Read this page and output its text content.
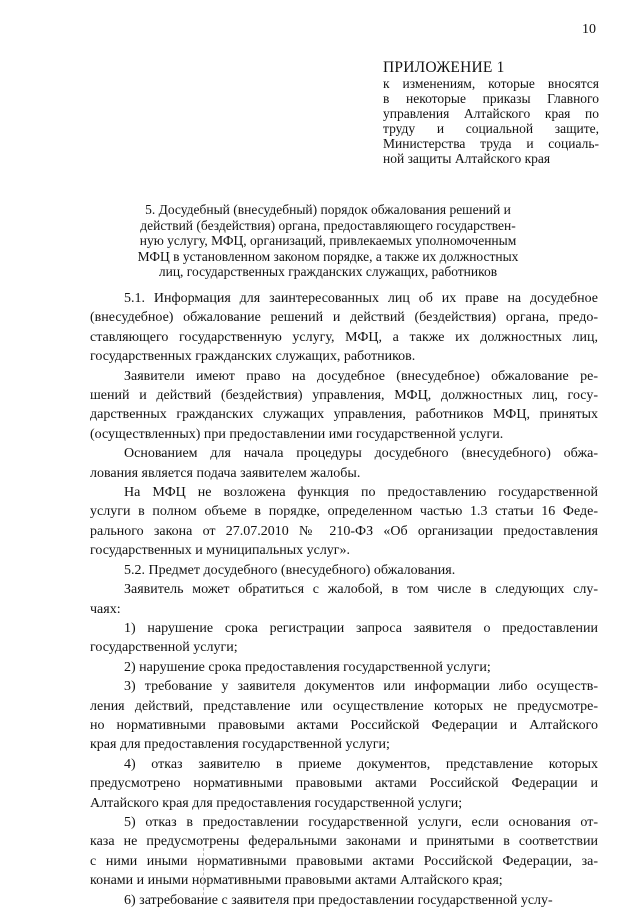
10
ПРИЛОЖЕНИЕ 1
к изменениям, которые вносятся
в некоторые приказы Главного
управления Алтайского края по
труду и социальной защите,
Министерства труда и социаль-
ной защиты Алтайского края
5. Досудебный (внесудебный) порядок обжалования решений и
действий (бездействия) органа, предоставляющего государствен-
ную услугу, МФЦ, организаций, привлекаемых уполномоченным
МФЦ в установленном законом порядке, а также их должностных
лиц, государственных гражданских служащих, работников
5.1. Информация для заинтересованных лиц об их праве на досудебное
(внесудебное) обжалование решений и действий (бездействия) органа, предо-
ставляющего государственную услугу, МФЦ, а также их должностных лиц,
государственных гражданских служащих, работников.
Заявители имеют право на досудебное (внесудебное) обжалование ре-
шений и действий (бездействия) управления, МФЦ, должностных лиц, госу-
дарственных гражданских служащих управления, работников МФЦ, принятых
(осуществленных) при предоставлении ими государственной услуги.
Основанием для начала процедуры досудебного (внесудебного) обжа-
лования является подача заявителем жалобы.
На МФЦ не возложена функция по предоставлению государственной
услуги в полном объеме в порядке, определенном частью 1.3 статьи 16 Феде-
рального закона от 27.07.2010 № 210-ФЗ «Об организации предоставления
государственных и муниципальных услуг».
5.2. Предмет досудебного (внесудебного) обжалования.
Заявитель может обратиться с жалобой, в том числе в следующих слу-
чаях:
1) нарушение срока регистрации запроса заявителя о предоставлении
государственной услуги;
2) нарушение срока предоставления государственной услуги;
3) требование у заявителя документов или информации либо осуществ-
ления действий, представление или осуществление которых не предусмотре-
но нормативными правовыми актами Российской Федерации и Алтайского
края для предоставления государственной услуги;
4) отказ заявителю в приеме документов, представление которых
предусмотрено нормативными правовыми актами Российской Федерации и
Алтайского края для предоставления государственной услуги;
5) отказ в предоставлении государственной услуги, если основания от-
каза не предусмотрены федеральными законами и принятыми в соответствии
с ними иными нормативными правовыми актами Российской Федерации, за-
конами и иными нормативными правовыми актами Алтайского края;
6) затребование с заявителя при предоставлении государственной услу-
